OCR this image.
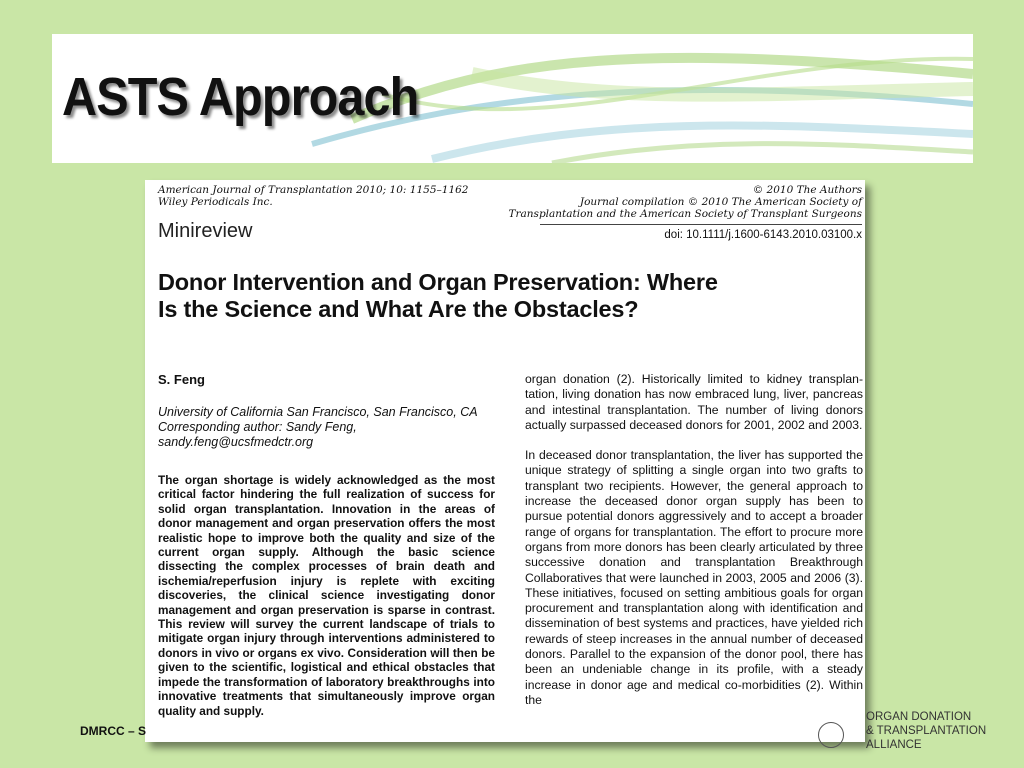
ASTS Approach
American Journal of Transplantation 2010; 10: 1155–1162
Wiley Periodicals Inc.
© 2010 The Authors
Journal compilation © 2010 The American Society of
Transplantation and the American Society of Transplant Surgeons
Minireview	doi: 10.1111/j.1600-6143.2010.03100.x
Donor Intervention and Organ Preservation: Where
Is the Science and What Are the Obstacles?
S. Feng
University of California San Francisco, San Francisco, CA
Corresponding author: Sandy Feng,
sandy.feng@ucsfmedctr.org
The organ shortage is widely acknowledged as the most critical factor hindering the full realization of success for solid organ transplantation. Innovation in the areas of donor management and organ preservation offers the most realistic hope to improve both the quality and size of the current organ supply. Although the basic science dissecting the complex processes of brain death and ischemia/reperfusion injury is replete with exciting discoveries, the clinical science investigating donor management and organ preservation is sparse in contrast. This review will survey the current landscape of trials to mitigate organ injury through interventions administered to donors in vivo or organs ex vivo. Consideration will then be given to the scientific, logistical and ethical obstacles that impede the transformation of laboratory breakthroughs into innovative treatments that simultaneously improve organ quality and supply.

organ donation (2). Historically limited to kidney transplantation, living donation has now embraced lung, liver, pancreas and intestinal transplantation. The number of living donors actually surpassed deceased donors for 2001, 2002 and 2003.

In deceased donor transplantation, the liver has supported the unique strategy of splitting a single organ into two grafts to transplant two recipients. However, the general approach to increase the deceased donor organ supply has been to pursue potential donors aggressively and to accept a broader range of organs for transplantation. The effort to procure more organs from more donors has been clearly articulated by three successive donation and transplantation Breakthrough Collaboratives that were launched in 2003, 2005 and 2006 (3). These initiatives, focused on setting ambitious goals for organ procurement and transplantation along with identification and dissemination of best systems and practices, have yielded rich rewards of steep increases in the annual number of deceased donors. Parallel to the expansion of the donor pool, there has been an undeniable change in its profile, with a steady increase in donor age and medical co-morbidities (2). Within the

DMRCC – S
ORGAN DONATION
& TRANSPLANTATION
ALLIANCE
